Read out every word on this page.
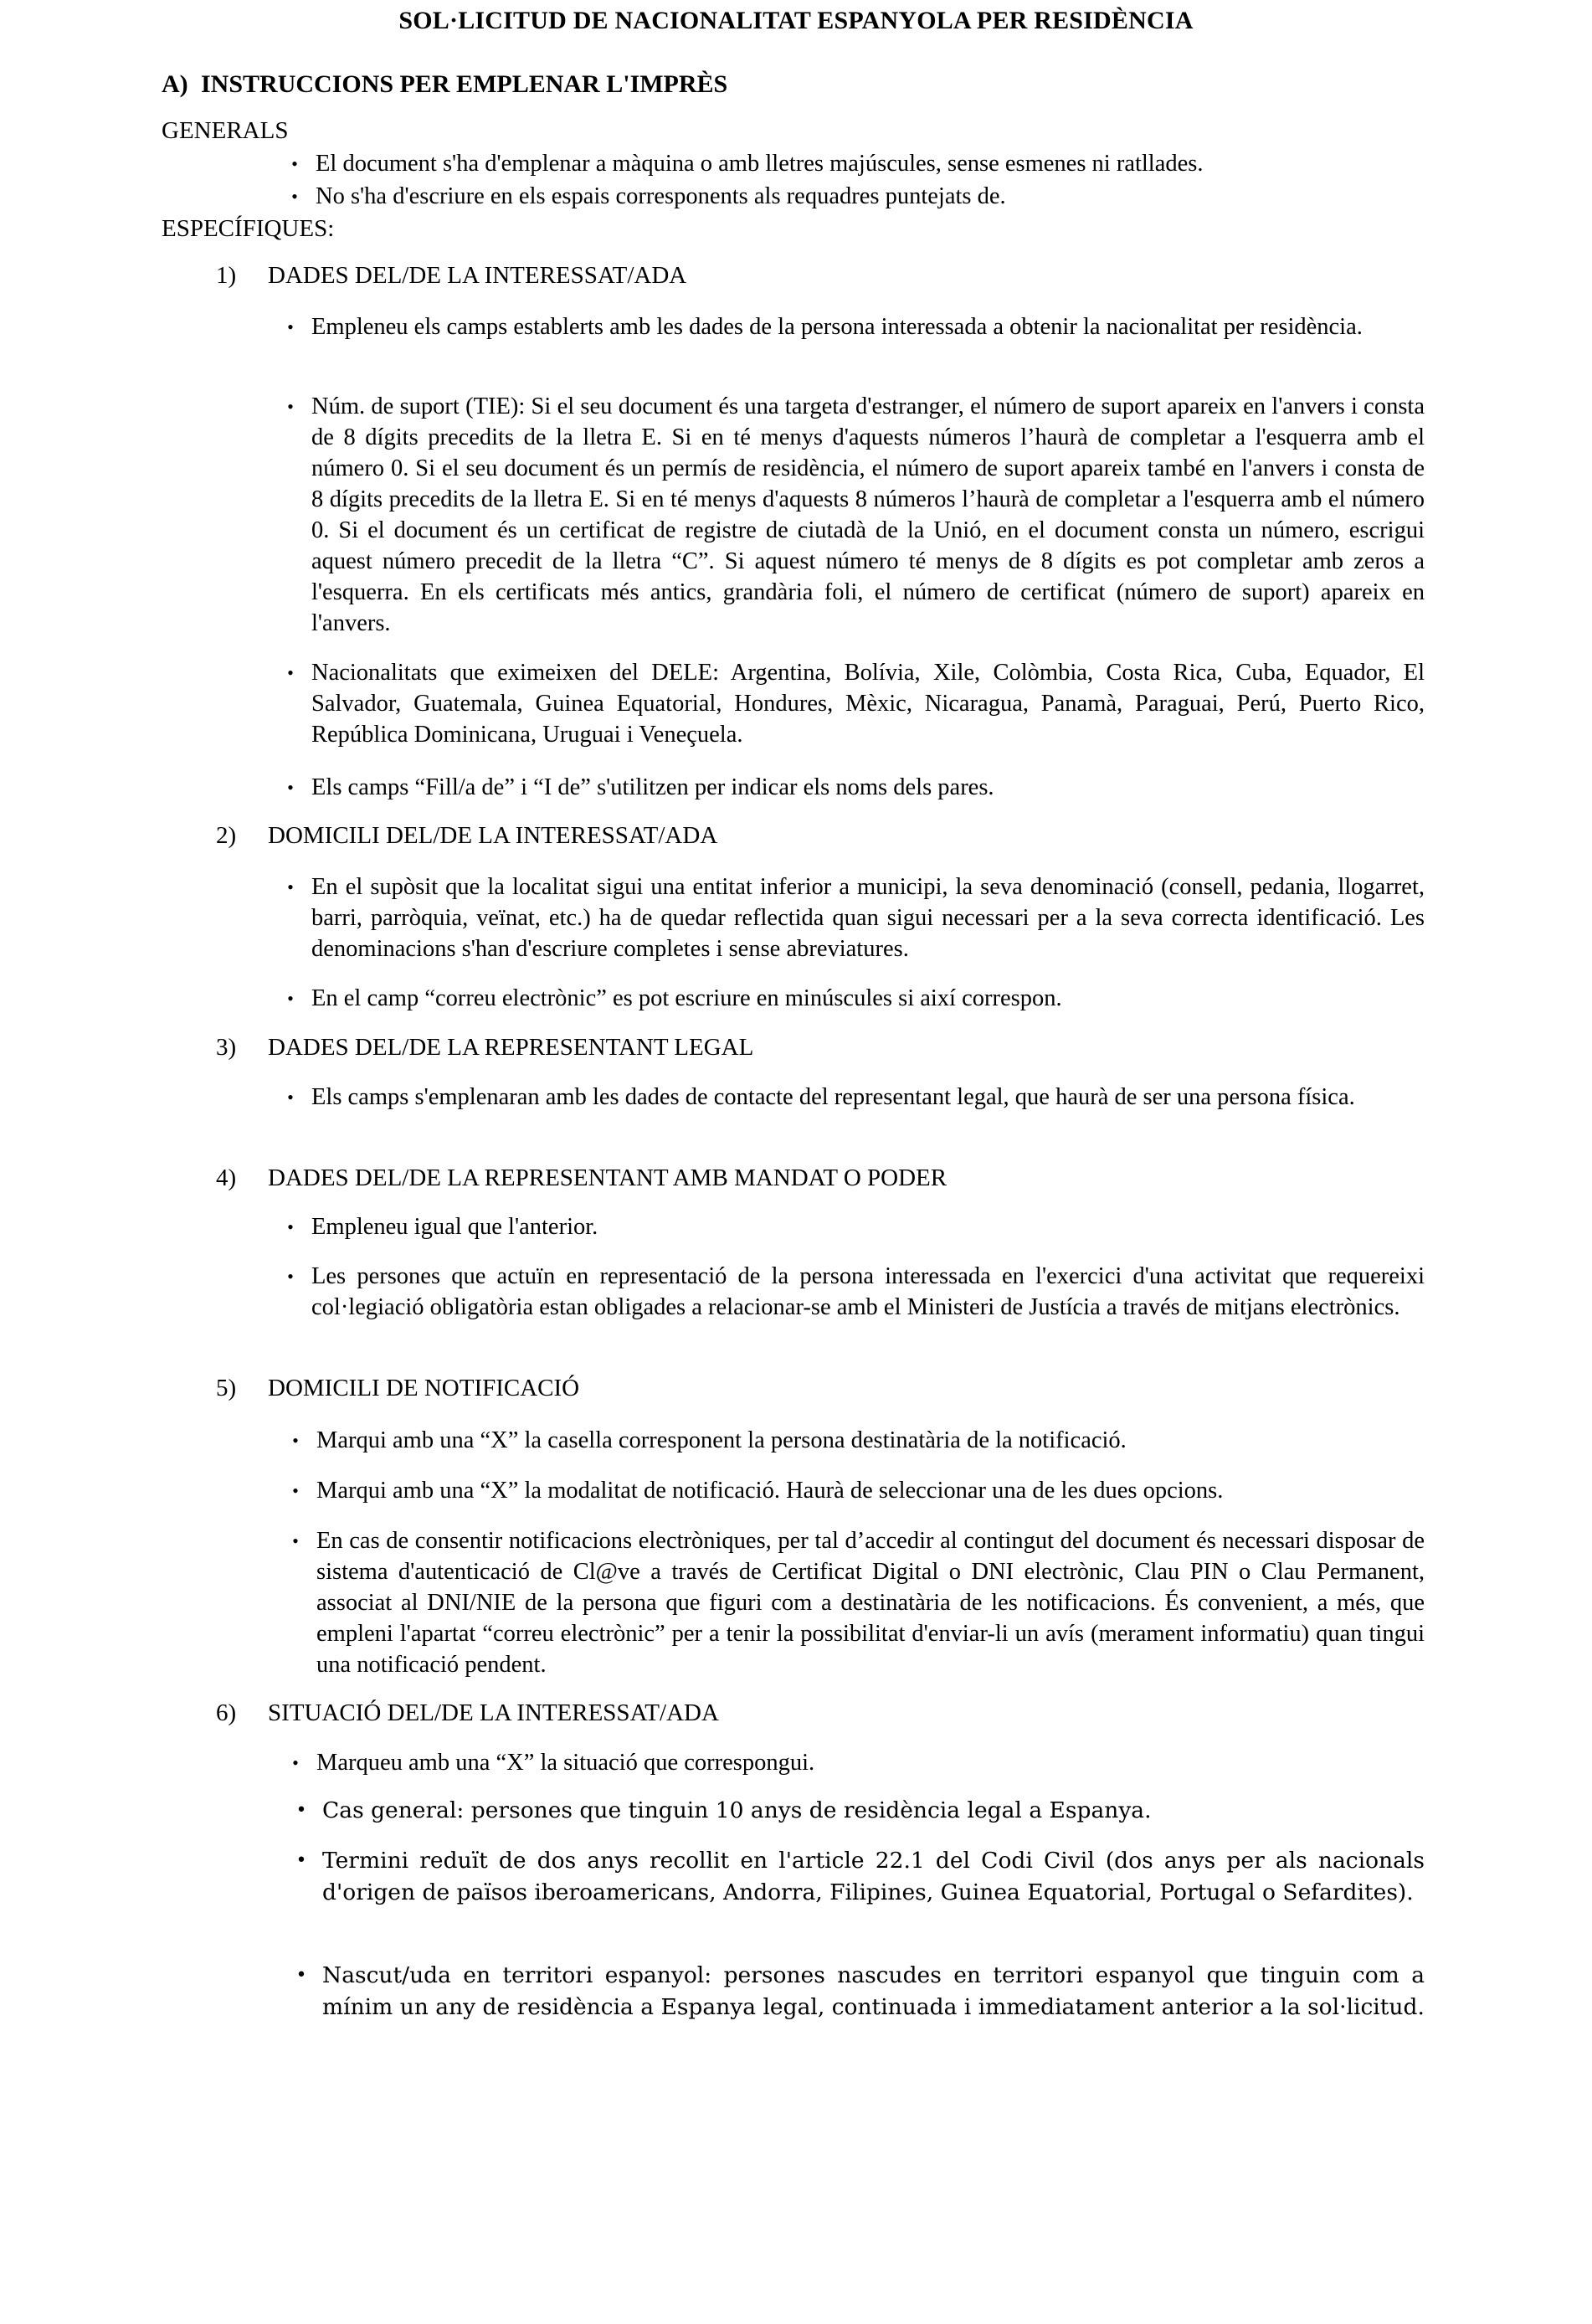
SOL·LICITUD DE NACIONALITAT ESPANYOLA PER RESIDÈNCIA
A) INSTRUCCIONS PER EMPLENAR L'IMPRÈS
GENERALS
• El document s'ha d'emplenar a màquina o amb lletres majúscules, sense esmenes ni ratllades.
• No s'ha d'escriure en els espais corresponents als requadres puntejats de.
ESPECÍFIQUES:
1) DADES DEL/DE LA INTERESSAT/ADA
• Empleneu els camps establerts amb les dades de la persona interessada a obtenir la nacionalitat per residència.
• Núm. de suport (TIE): Si el seu document és una targeta d'estranger, el número de suport apareix en l'anvers i consta de 8 dígits precedits de la lletra E. Si en té menys d'aquests números l’haurà de completar a l'esquerra amb el número 0. Si el seu document és un permís de residència, el número de suport apareix també en l'anvers i consta de 8 dígits precedits de la lletra E. Si en té menys d'aquests 8 números l’haurà de completar a l'esquerra amb el número 0. Si el document és un certificat de registre de ciutadà de la Unió, en el document consta un número, escrigui aquest número precedit de la lletra “C”. Si aquest número té menys de 8 dígits es pot completar amb zeros a l'esquerra. En els certificats més antics, grandària foli, el número de certificat (número de suport) apareix en l'anvers.
• Nacionalitats que eximeixen del DELE: Argentina, Bolívia, Xile, Colòmbia, Costa Rica, Cuba, Equador, El Salvador, Guatemala, Guinea Equatorial, Hondures, Mèxic, Nicaragua, Panamà, Paraguai, Perú, Puerto Rico, República Dominicana, Uruguai i Veneçuela.
• Els camps “Fill/a de” i “I de” s'utilitzen per indicar els noms dels pares.
2) DOMICILI DEL/DE LA INTERESSAT/ADA
• En el supòsit que la localitat sigui una entitat inferior a municipi, la seva denominació (consell, pedania, llogarret, barri, parròquia, veïnat, etc.) ha de quedar reflectida quan sigui necessari per a la seva correcta identificació. Les denominacions s'han d'escriure completes i sense abreviatures.
• En el camp “correu electrònic” es pot escriure en minúscules si així correspon.
3) DADES DEL/DE LA REPRESENTANT LEGAL
• Els camps s'emplenaran amb les dades de contacte del representant legal, que haurà de ser una persona física.
4) DADES DEL/DE LA REPRESENTANT AMB MANDAT O PODER
• Empleneu igual que l'anterior.
• Les persones que actuïn en representació de la persona interessada en l'exercici d'una activitat que requereixi col·legiació obligatòria estan obligades a relacionar-se amb el Ministeri de Justícia a través de mitjans electrònics.
5) DOMICILI DE NOTIFICACIÓ
• Marqui amb una “X” la casella corresponent la persona destinatària de la notificació.
• Marqui amb una “X” la modalitat de notificació. Haurà de seleccionar una de les dues opcions.
• En cas de consentir notificacions electròniques, per tal d’accedir al contingut del document és necessari disposar de sistema d'autenticació de Cl@ve a través de Certificat Digital o DNI electrònic, Clau PIN o Clau Permanent, associat al DNI/NIE de la persona que figuri com a destinatària de les notificacions. És convenient, a més, que empleni l'apartat “correu electrònic” per a tenir la possibilitat d'enviar-li un avís (merament informatiu) quan tingui una notificació pendent.
6) SITUACIÓ DEL/DE LA INTERESSAT/ADA
• Marqueu amb una “X” la situació que correspongui.
• Cas general: persones que tinguin 10 anys de residència legal a Espanya.
• Termini reduït de dos anys recollit en l'article 22.1 del Codi Civil (dos anys per als nacionals d'origen de països iberoamericans, Andorra, Filipines, Guinea Equatorial, Portugal o Sefardites).
• Nascut/uda en territori espanyol: persones nascudes en territori espanyol que tinguin com a mínim un any de residència a Espanya legal, continuada i immediatament anterior a la sol·licitud.
